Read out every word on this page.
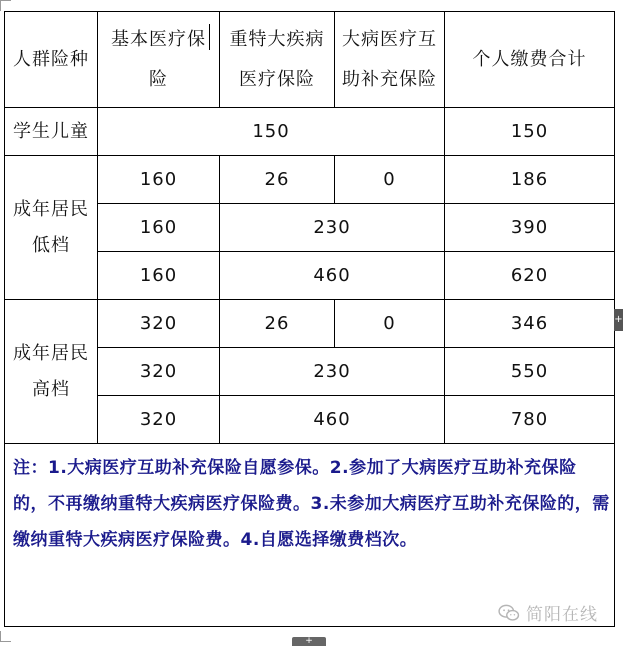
人群险种	基本医疗保 险	重特大疾病 医疗保险	大病医疗互 助补充保险	个人缴费合计
学生儿童	150			150

成年居民
低档	160	26	0	186
	160	230		390
	160	460		620

成年居民
高档	320	26	0	346
	320	230		550
	320	460		780
注：1.大病医疗互助补充保险自愿参保。2.参加了大病医疗互助补充保险的，不再缴纳重特大疾病医疗保险费。3.未参加大病医疗互助补充保险的，需缴纳重特大疾病医疗保险费。4.自愿选择缴费档次。				
+
+
简阳在线
